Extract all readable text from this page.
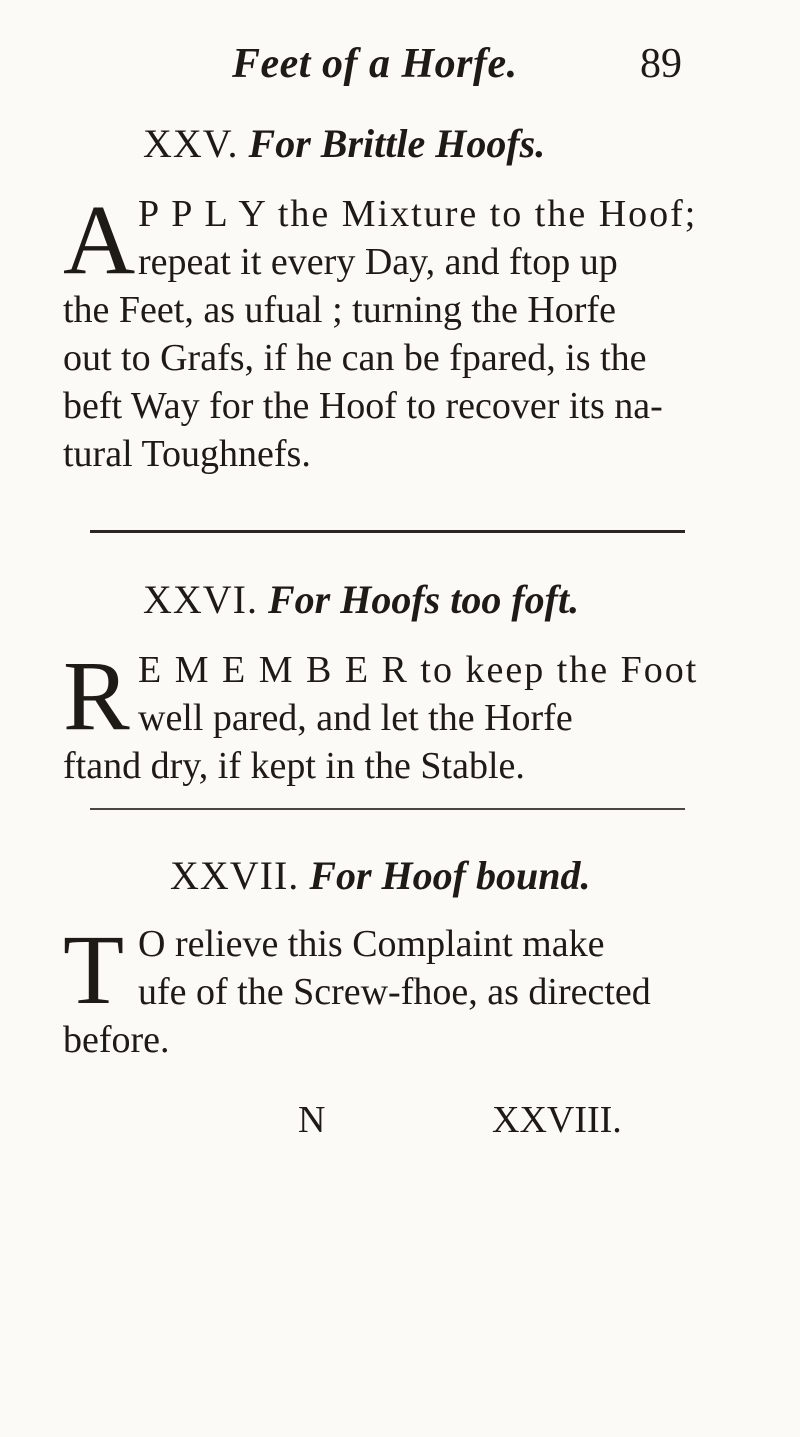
Feet of a Horfe.	89
XXV. For Brittle Hoofs.
A P P L Y the Mixture to the Hoof;
repeat it every Day, and ftop up
the Feet, as ufual ; turning the Horfe
out to Grafs, if he can be fpared, is the
beft Way for the Hoof to recover its na-
tural Toughnefs.
XXVI. For Hoofs too foft.
R E M E M B E R to keep the Foot
well pared, and let the Horfe
ftand dry, if kept in the Stable.
XXVII. For Hoof bound.
T O relieve this Complaint make
ufe of the Screw-fhoe, as directed
before.
N	XXVIII.
